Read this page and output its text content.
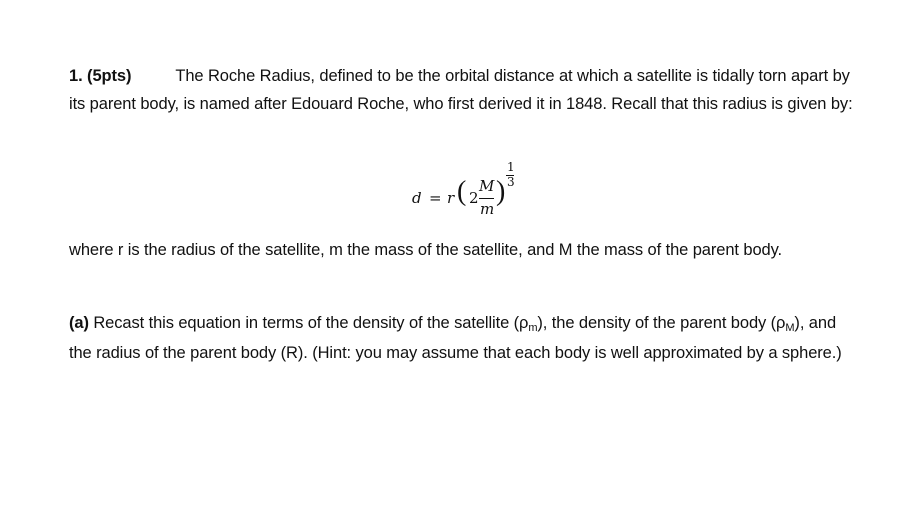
1. (5pts)	The Roche Radius, defined to be the orbital distance at which a satellite is tidally torn apart by its parent body, is named after Edouard Roche, who first derived it in 1848. Recall that this radius is given by:

d = r ( 2
M
m
)
1
3

where r is the radius of the satellite, m the mass of the satellite, and M the mass of the parent body.

(a) Recast this equation in terms of the density of the satellite (ρm), the density of the parent body (ρM), and the radius of the parent body (R). (Hint: you may assume that each body is well approximated by a sphere.)
